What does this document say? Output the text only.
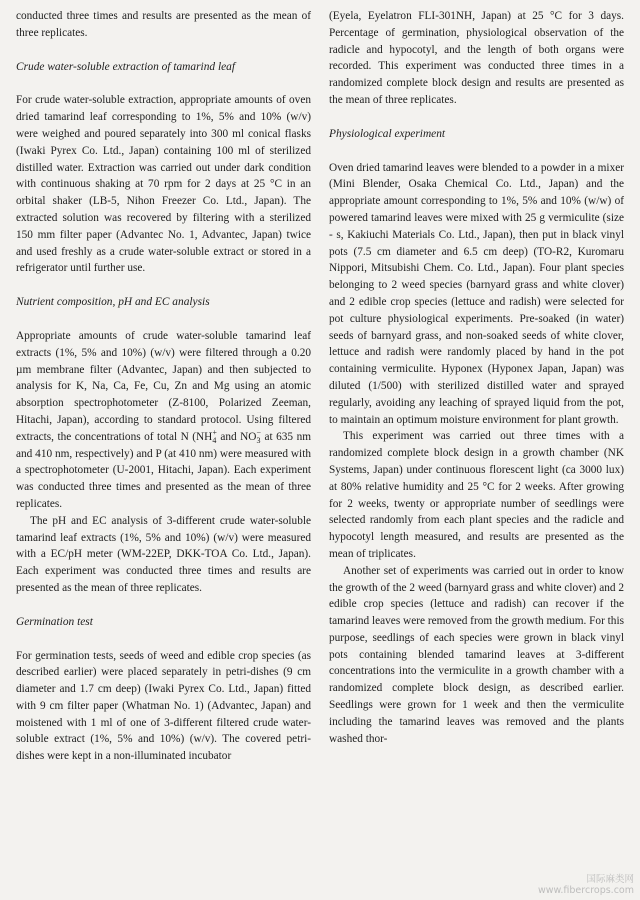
conducted three times and results are presented as the mean of three replicates.

Crude water-soluble extraction of tamarind leaf

For crude water-soluble extraction, appropriate amounts of oven dried tamarind leaf corresponding to 1%, 5% and 10% (w/v) were weighed and poured separately into 300 ml conical flasks (Iwaki Pyrex Co. Ltd., Japan) containing 100 ml of sterilized distilled water. Extraction was carried out under dark condition with continuous shaking at 70 rpm for 2 days at 25 °C in an orbital shaker (LB-5, Nihon Freezer Co. Ltd., Japan). The extracted solution was recovered by filtering with a sterilized 150 mm filter paper (Advantec No. 1, Advantec, Japan) twice and used freshly as a crude water-soluble extract or stored in a refrigerator until further use.

Nutrient composition, pH and EC analysis

Appropriate amounts of crude water-soluble tamarind leaf extracts (1%, 5% and 10%) (w/v) were filtered through a 0.20 µm membrane filter (Advantec, Japan) and then subjected to analysis for K, Na, Ca, Fe, Cu, Zn and Mg using an atomic absorption spectrophotometer (Z-8100, Polarized Zeeman, Hitachi, Japan), according to standard protocol. Using filtered extracts, the concentrations of total N (NH +
4 and NO −
3 at 635 nm and 410 nm, respectively) and P (at 410 nm) were measured with a spectrophotometer (U-2001, Hitachi, Japan). Each experiment was conducted three times and presented as the mean of three replicates.

The pH and EC analysis of 3-different crude water-soluble tamarind leaf extracts (1%, 5% and 10%) (w/v) were measured with a EC/pH meter (WM-22EP, DKK-TOA Co. Ltd., Japan). Each experiment was conducted three times and results are presented as the mean of three replicates.

Germination test

For germination tests, seeds of weed and edible crop species (as described earlier) were placed separately in petri-dishes (9 cm diameter and 1.7 cm deep) (Iwaki Pyrex Co. Ltd., Japan) fitted with 9 cm filter paper (Whatman No. 1) (Advantec, Japan) and moistened with 1 ml of one of 3-different filtered crude water-soluble extract (1%, 5% and 10%) (w/v). The covered petri-dishes were kept in a non-illuminated incubator

(Eyela, Eyelatron FLI-301NH, Japan) at 25 °C for 3 days. Percentage of germination, physiological observation of the radicle and hypocotyl, and the length of both organs were recorded. This experiment was conducted three times in a randomized complete block design and results are presented as the mean of three replicates.

Physiological experiment

Oven dried tamarind leaves were blended to a powder in a mixer (Mini Blender, Osaka Chemical Co. Ltd., Japan) and the appropriate amount corresponding to 1%, 5% and 10% (w/w) of powered tamarind leaves were mixed with 25 g vermiculite (size - s, Kakiuchi Materials Co. Ltd., Japan), then put in black vinyl pots (7.5 cm diameter and 6.5 cm deep) (TO-R2, Kuromaru Nippori, Mitsubishi Chem. Co. Ltd., Japan). Four plant species belonging to 2 weed species (barnyard grass and white clover) and 2 edible crop species (lettuce and radish) were selected for pot culture physiological experiments. Pre-soaked (in water) seeds of barnyard grass, and non-soaked seeds of white clover, lettuce and radish were randomly placed by hand in the pot containing vermiculite. Hyponex (Hyponex Japan, Japan) was diluted (1/500) with sterilized distilled water and sprayed regularly, avoiding any leaching of sprayed liquid from the pot, to maintain an optimum moisture environment for plant growth.

This experiment was carried out three times with a randomized complete block design in a growth chamber (NK Systems, Japan) under continuous florescent light (ca 3000 lux) at 80% relative humidity and 25 °C for 2 weeks. After growing for 2 weeks, twenty or appropriate number of seedlings were selected randomly from each plant species and the radicle and hypocotyl length measured, and results are presented as the mean of triplicates.

Another set of experiments was carried out in order to know the growth of the 2 weed (barnyard grass and white clover) and 2 edible crop species (lettuce and radish) can recover if the tamarind leaves were removed from the growth medium. For this purpose, seedlings of each species were grown in black vinyl pots containing blended tamarind leaves at 3-different concentrations into the vermiculite in a growth chamber with a randomized complete block design, as described earlier. Seedlings were grown for 1 week and then the vermiculite including the tamarind leaves was removed and the plants washed thor-

国际麻类网
www.fibercrops.com
